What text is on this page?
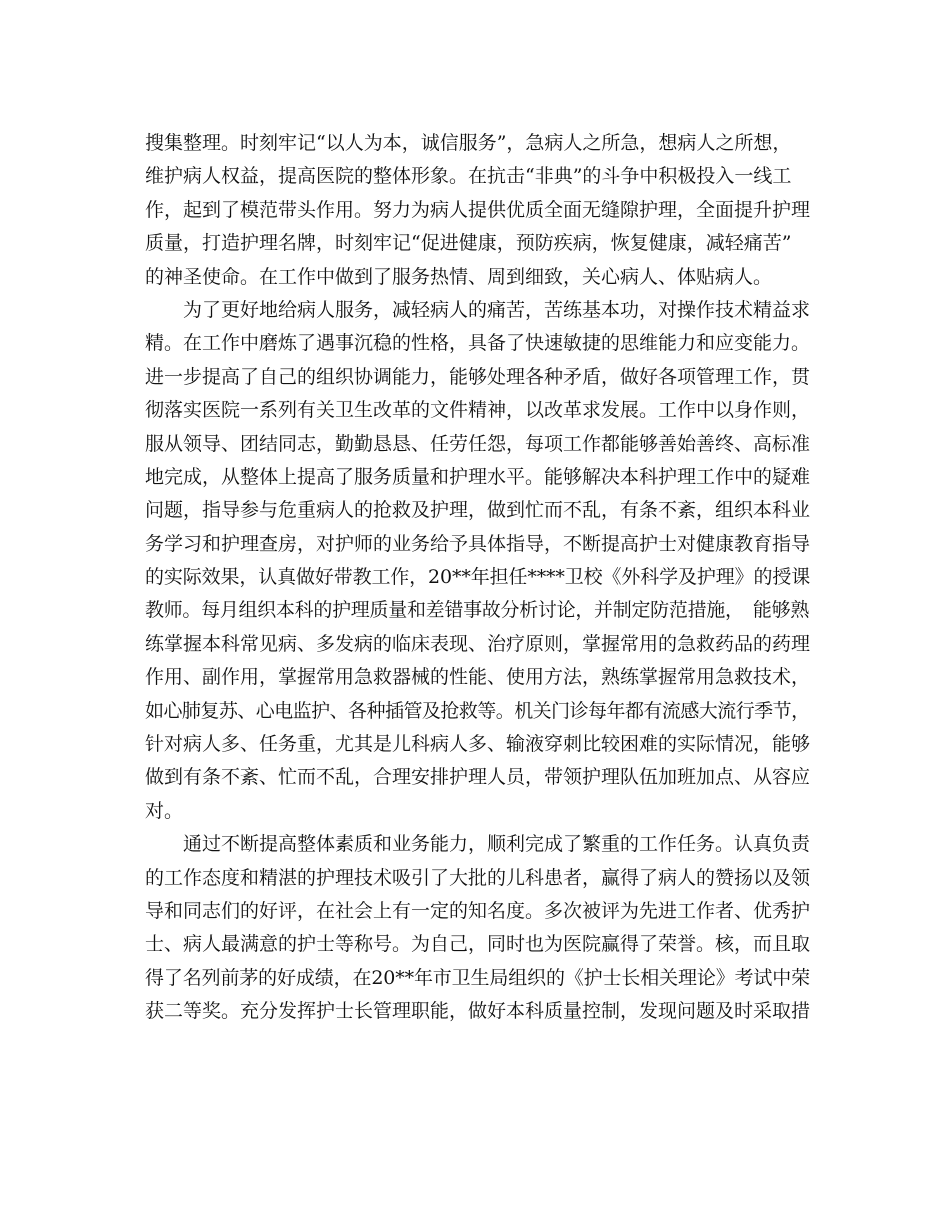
搜集整理。时刻牢记“以人为本，诚信服务”，急病人之所急，想病人之所想，
维护病人权益，提高医院的整体形象。在抗击“非典”的斗争中积极投入一线工
作，起到了模范带头作用。努力为病人提供优质全面无缝隙护理，全面提升护理
质量，打造护理名牌，时刻牢记“促进健康，预防疾病，恢复健康，减轻痛苦”
的神圣使命。在工作中做到了服务热情、周到细致，关心病人、体贴病人。
为了更好地给病人服务，减轻病人的痛苦，苦练基本功，对操作技术精益求
精。在工作中磨炼了遇事沉稳的性格，具备了快速敏捷的思维能力和应变能力。
进一步提高了自己的组织协调能力，能够处理各种矛盾，做好各项管理工作，贯
彻落实医院一系列有关卫生改革的文件精神，以改革求发展。工作中以身作则，
服从领导、团结同志，勤勤恳恳、任劳任怨，每项工作都能够善始善终、高标准
地完成，从整体上提高了服务质量和护理水平。能够解决本科护理工作中的疑难
问题，指导参与危重病人的抢救及护理，做到忙而不乱，有条不紊，组织本科业
务学习和护理查房，对护师的业务给予具体指导，不断提高护士对健康教育指导
的实际效果，认真做好带教工作，20**年担任****卫校《外科学及护理》的授课
教师。每月组织本科的护理质量和差错事故分析讨论，并制定防范措施，　能够熟
练掌握本科常见病、多发病的临床表现、治疗原则，掌握常用的急救药品的药理
作用、副作用，掌握常用急救器械的性能、使用方法，熟练掌握常用急救技术，
如心肺复苏、心电监护、各种插管及抢救等。机关门诊每年都有流感大流行季节，
针对病人多、任务重，尤其是儿科病人多、输液穿刺比较困难的实际情况，能够
做到有条不紊、忙而不乱，合理安排护理人员，带领护理队伍加班加点、从容应
对。
通过不断提高整体素质和业务能力，顺利完成了繁重的工作任务。认真负责
的工作态度和精湛的护理技术吸引了大批的儿科患者，赢得了病人的赞扬以及领
导和同志们的好评，在社会上有一定的知名度。多次被评为先进工作者、优秀护
士、病人最满意的护士等称号。为自己，同时也为医院赢得了荣誉。核，而且取
得了名列前茅的好成绩，在20**年市卫生局组织的《护士长相关理论》考试中荣
获二等奖。充分发挥护士长管理职能，做好本科质量控制，发现问题及时采取措
